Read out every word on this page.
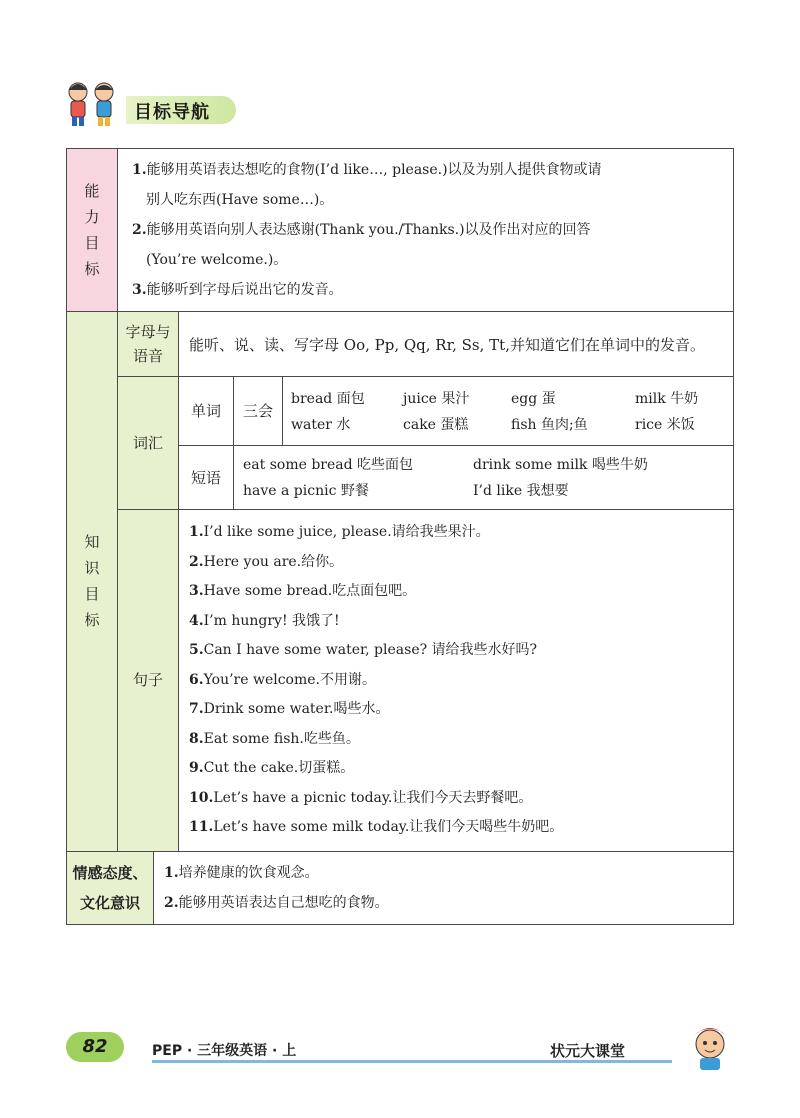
目标导航
能
力
目
标

1.能够用英语表达想吃的食物(I’d like…, please.)以及为别人提供食物或请

别人吃东西(Have some…)。

2.能够用英语向别人表达感谢(Thank you./Thanks.)以及作出对应的回答

(You’re welcome.)。

3.能够听到字母后说出它的发音。

知
识
目
标

字母与
语音
	能听、说、读、写字母 Oo, Pp, Qq, Rr, Ss, Tt,并知道它们在单词中的发音。
词汇	
单词	三会	
bread 面包	juice 果汁	egg 蛋	milk 牛奶
water 水	cake 蛋糕	fish 鱼肉;鱼	rice 米饭

短语	
eat some bread 吃些面包	drink some milk 喝些牛奶
have a picnic 野餐	I’d like 我想要

句子	

1.I’d like some juice, please.请给我些果汁。

2.Here you are.给你。

3.Have some bread.吃点面包吧。

4.I’m hungry! 我饿了!

5.Can I have some water, please? 请给我些水好吗?

6.You’re welcome.不用谢。

7.Drink some water.喝些水。

8.Eat some fish.吃些鱼。

9.Cut the cake.切蛋糕。

10.Let’s have a picnic today.让我们今天去野餐吧。

11.Let’s have some milk today.让我们今天喝些牛奶吧。

情感态度、
文化意识

1.培养健康的饮食观念。

2.能够用英语表达自己想吃的食物。

82	PEP · 三年级英语 · 上	状元大课堂
